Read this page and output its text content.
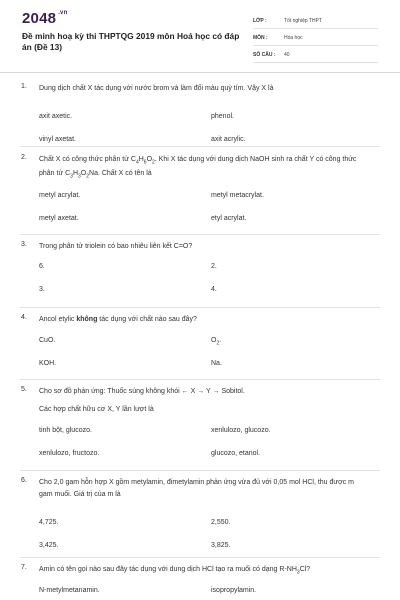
2048 $^{.vn}$
Đề minh hoạ kỳ thi THPTQG 2019 môn Hoá học có đáp án (Đề 13)
LỚP :	Tốt nghiệp THPT
MÔN :	Hóa học
SỐ CÂU :	40
1. Dung dịch chất X tác dụng với nước brom và làm đổi màu quỳ tím. Vậy X là
axit axetic.	phenol.
vinyl axetat.	axit acrylic.
2. Chất X có công thức phân tử $C_4H_6O_2$. Khi X tác dụng với dung dịch NaOH sinh ra chất Y có công thức phân tử $C_3H_3O_2Na$. Chất X có tên là
metyl acrylat.	metyl metacrylat.
metyl axetat.	etyl acrylat.
3. Trong phân tử triolein có bao nhiêu liên kết C=O?
6.	2.
3.	4.
4. Ancol etylic không tác dụng với chất nào sau đây?
CuO.	$O_2$.
KOH.	Na.
5. Cho sơ đồ phản ứng: Thuốc súng không khói ← X → Y → Sobitol.
Các hợp chất hữu cơ X, Y lần lượt là
tinh bột, glucozo.	xenlulozo, glucozo.
xenlulozo, fructozo.	glucozo, etanol.
6. Cho 2,0 gam hỗn hợp X gồm metylamin, đimetylamin phản ứng vừa đủ với 0,05 mol HCl, thu được m gam muối. Giá trị của m là
4,725.	2,550.
3,425.	3,825.
7. Amin có tên gọi nào sau đây tác dụng với dung dịch HCl tạo ra muối có dạng $R-NH_3Cl$?
N-metylmetanamin.	isopropylamin.
